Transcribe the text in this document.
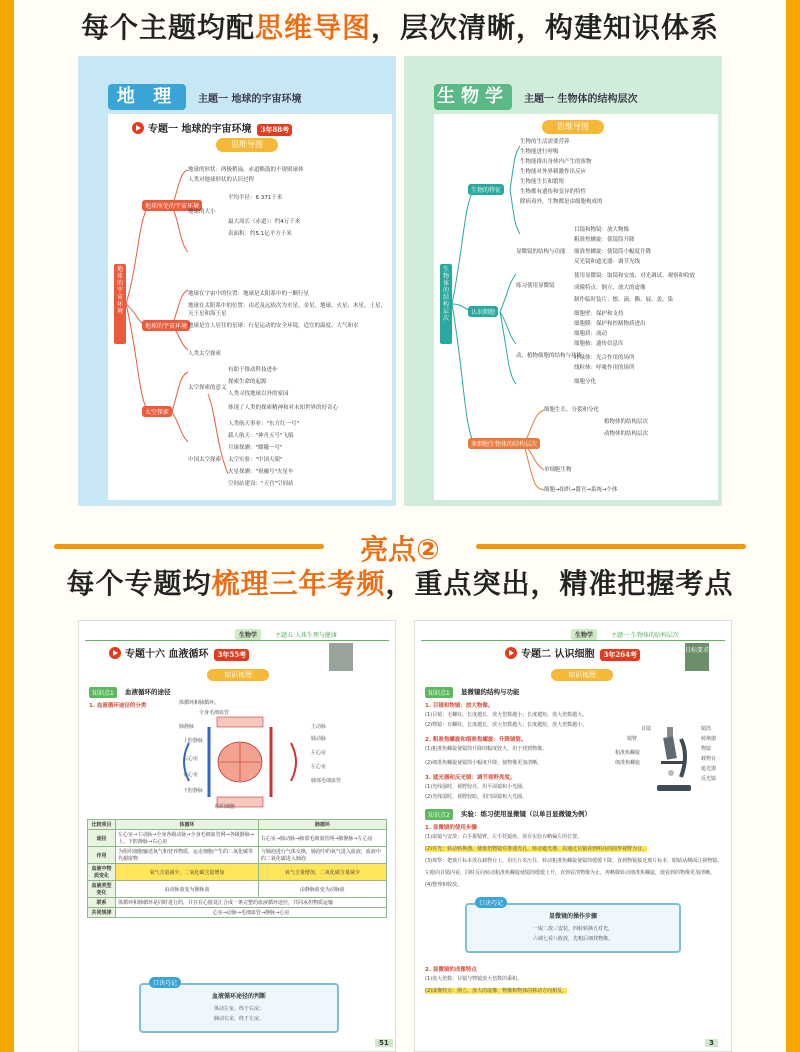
每个主题均配思维导图，层次清晰，构建知识体系
地 理	主题一 地球的宇宙环境
专题一 地球的宇宙环境 3年88考
思维导图
地球的宇宙环境
地球所处的宇宙环境
地球的宇宙环境
太空探索
地球的形状：两极稍扁，赤道略鼓的不规则球体
人类对地球形状的认识过程
平均半径：6 371千米
地球的大小
最大周长（赤道）：约4万千米
表面积：约5.1亿平方千米
地球在宇宙中的位置：地球是太阳系中的一颗行星
地球在太阳系中的位置：由近及远依次为水星、金星、地球、火星、木星、土星、天王星和海王星
地球是宜人居住的星球：行星运动的安全环境，适宜的温度、大气和水
人类太空探索
有助于推动科技进步
探索生命的起源
人类寻找地球以外的家园
太空探索的意义
体现了人类的探索精神和对未知世界的好奇心
人类航天事业："东方红一号"
载人航天："神舟五号"飞船
月球探测："嫦娥一号"
中国太空探索 太空实验："中国天眼"
火星探测："祝融号"火星车
空间站建设："天宫"空间站
生物学	主题一 生物体的结构层次
思维导图
生物体的结构层次
生物的特征
认识细胞
多细胞生物体的结构层次
生物的生活需要营养
生物能进行呼吸
生物能排出身体内产生的废物
生物能对外界刺激作出反应
生物能生长和繁殖
生物都有遗传和变异的特性
除病毒外，生物都是由细胞构成的
目镜和物镜：放大物像
粗准焦螺旋：使镜筒升降
显微镜的结构与功能 细准焦螺旋：使镜筒小幅度升降
反光镜和遮光器：调节光线
使用显微镜：取镜和安放、对光调试、观察和收放
练习使用显微镜	成像特点：倒立、放大的虚像
制作临时装片：擦、滴、撕、展、盖、染
细胞壁：保护和支持
细胞膜：保护和控制物质进出
细胞质：流动
细胞核：遗传信息库
动、植物细胞的结构与功能
叶绿体：光合作用的场所
线粒体：呼吸作用的场所
细胞分化
细胞生长、分裂和分化
植物体的结构层次
动物体的结构层次
单细胞生物
细胞→组织→器官→系统→个体
亮点②
每个专题均梳理三年考频，重点突出，精准把握考点
生物学	主题五 人体生理与健康
专题十六 血液循环 3年55考
知识梳理
知识点1	血液循环的途径
1. 血液循环途径的分类	体循环和肺循环。
全身毛细血管
肺静脉
上腔静脉
右心房
右心室
下腔静脉
主动脉
左心房
左心室
肺动脉
肺部毛细血管
组织细胞
比较项目	体循环	肺循环
途径	左心室→主动脉→全身各级动脉→全身毛细血管网→各级静脉→上、下腔静脉→右心房	右心室→肺动脉→肺部毛细血管网→肺静脉→左心房
作用	为组织细胞输送氧气和营养物质，运走细胞产生的二氧化碳等代谢废物	与肺泡进行气体交换，肺泡中的氧气进入血液，血液中的二氧化碳进入肺泡
血液中物质变化	氧气含量减少，二氧化碳含量增加	氧气含量增加，二氧化碳含量减少
血液类型变化	由动脉血变为静脉血	由静脉血变为动脉血
联系	体循环和肺循环是同时进行的，并且在心脏处汇合成一条完整的血液循环途径，共同承担物质运输	
共同规律	心室→动脉→毛细血管→静脉→心房	
口诀巧记
血液循环途径的判断
体动左室，终于右房；
肺动右室，终于左房。
51
生物学	主题一 生物体的结构层次
专题二 认识细胞 3年264考	目标要求
知识梳理
知识点1	显微镜的结构与功能
1. 目镜和物镜：放大物像。
(1)目镜：无螺纹，长度越长，放大倍数越小；长度越短，放大倍数越大。
(2)物镜：有螺纹，长度越长，放大倍数越大；长度越短，放大倍数越小。
2. 粗准焦螺旋和细准焦螺旋：升降镜筒。
(1)粗准焦螺旋使镜筒升降的幅度较大，用于找到物像。
(2)细准焦螺旋使镜筒小幅度升降，使物像更加清晰。
3. 遮光器和反光镜：调节视野亮度。
(1)光线强时，视野较亮，用平面镜和小光圈。
(2)光线弱时，视野较暗，用凹面镜和大光圈。
目镜	镜筒
转换器
物镜
载物台
遮光器
反光镜
镜臂
粗准焦螺旋
细准焦螺旋
知识点2	实验：练习使用显微镜（以单目显微镜为例）
1. 显微镜的使用步骤
(1)取镜与安放：右手握镜臂，左手托镜座，放在实验台略偏左的位置。
(2)对光：转动转换器，使低倍物镜对准通光孔，转动遮光器，以通过目镜看到明亮的圆形视野为宜。
(3)观察：把玻片标本放在载物台上，用压片夹压住，转动粗准焦螺旋使镜筒缓缓下降，直到物镜接近玻片标本，眼睛从侧面注视物镜。
左眼向目镜内看，同时反向转动粗准焦螺旋使镜筒缓缓上升，直到看清物像为止，再略微转动细准焦螺旋，使看到的物像更加清晰。
(4)整理和收放。
口诀巧记
显微镜的操作步骤
一取二放三安装，四转转换五对光，
六调七看八收放，先粗后细找物像。
2. 显微镜的成像特点
(1)放大倍数：目镜与物镜放大倍数的乘积。
(2)成像特点：倒立、放大的虚像，物像和物体的移动方向相反。
3
